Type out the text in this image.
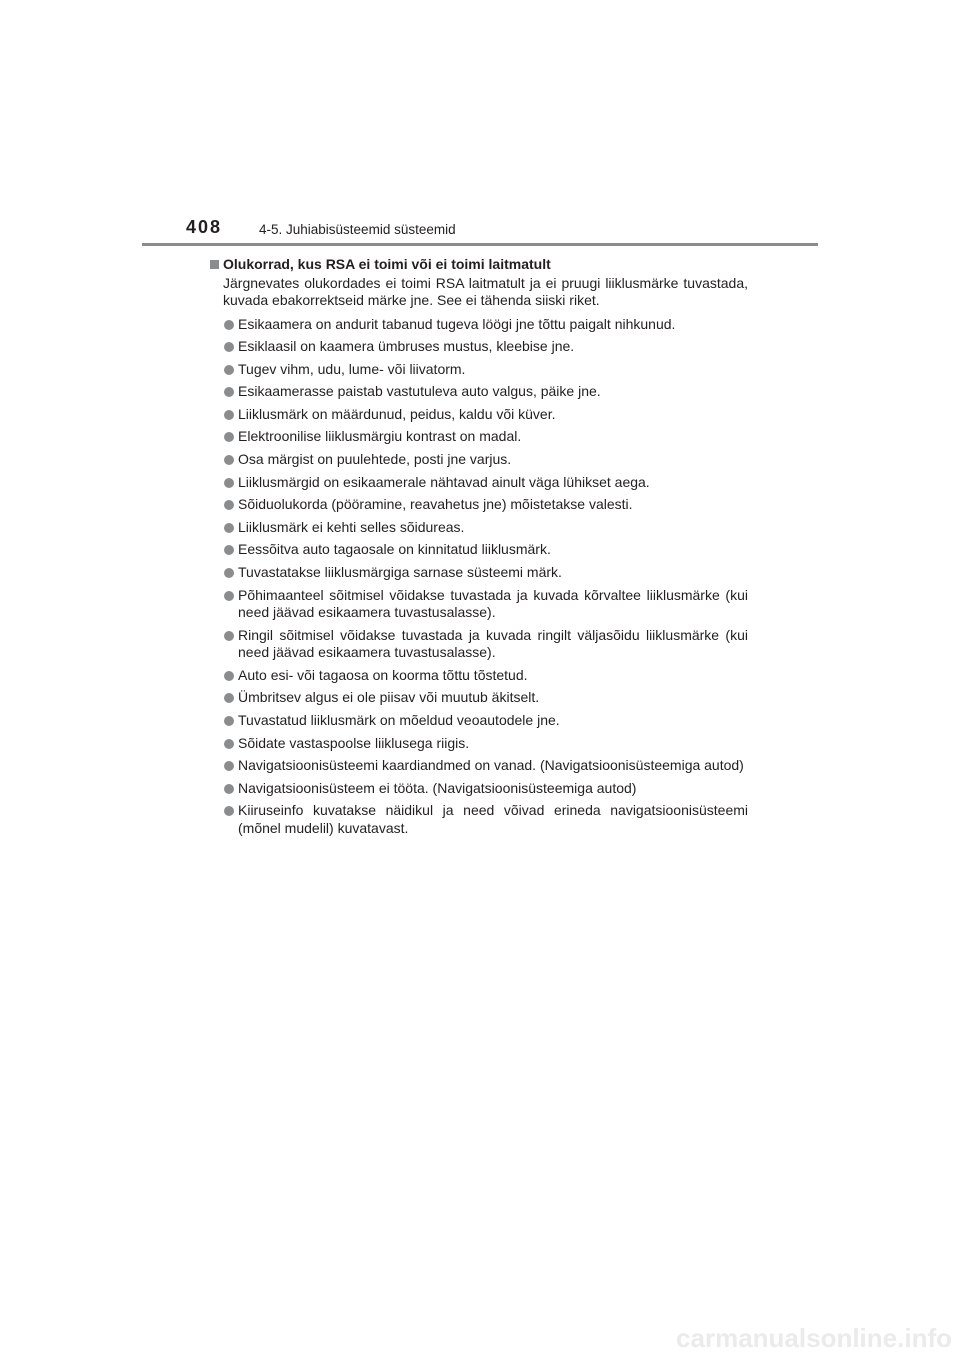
408	4-5. Juhiabisüsteemid süsteemid
Olukorrad, kus RSA ei toimi või ei toimi laitmatult
Järgnevates olukordades ei toimi RSA laitmatult ja ei pruugi liiklusmärke tuvastada, kuvada ebakorrektseid märke jne. See ei tähenda siiski riket.
Esikaamera on andurit tabanud tugeva löögi jne tõttu paigalt nihkunud.
Esiklaasil on kaamera ümbruses mustus, kleebise jne.
Tugev vihm, udu, lume- või liivatorm.
Esikaamerasse paistab vastutuleva auto valgus, päike jne.
Liiklusmärk on määrdunud, peidus, kaldu või küver.
Elektroonilise liiklusmärgiu kontrast on madal.
Osa märgist on puulehtede, posti jne varjus.
Liiklusmärgid on esikaamerale nähtavad ainult väga lühikset aega.
Sõiduolukorda (pööramine, reavahetus jne) mõistetakse valesti.
Liiklusmärk ei kehti selles sõidureas.
Eessõitva auto tagaosale on kinnitatud liiklusmärk.
Tuvastatakse liiklusmärgiga sarnase süsteemi märk.
Põhimaanteel sõitmisel võidakse tuvastada ja kuvada kõrvaltee liiklusmärke (kui need jäävad esikaamera tuvastusalasse).
Ringil sõitmisel võidakse tuvastada ja kuvada ringilt väljasõidu liiklusmärke (kui need jäävad esikaamera tuvastusalasse).
Auto esi- või tagaosa on koorma tõttu tõstetud.
Ümbritsev algus ei ole piisav või muutub äkitselt.
Tuvastatud liiklusmärk on mõeldud veoautodele jne.
Sõidate vastaspoolse liiklusega riigis.
Navigatsioonisüsteemi kaardiandmed on vanad. (Navigatsioonisüsteemiga autod)
Navigatsioonisüsteem ei tööta. (Navigatsioonisüsteemiga autod)
Kiiruseinfo kuvatakse näidikul ja need võivad erineda navigatsioonisüsteemi (mõnel mudelil) kuvatavast.
carmanualsonline.info
